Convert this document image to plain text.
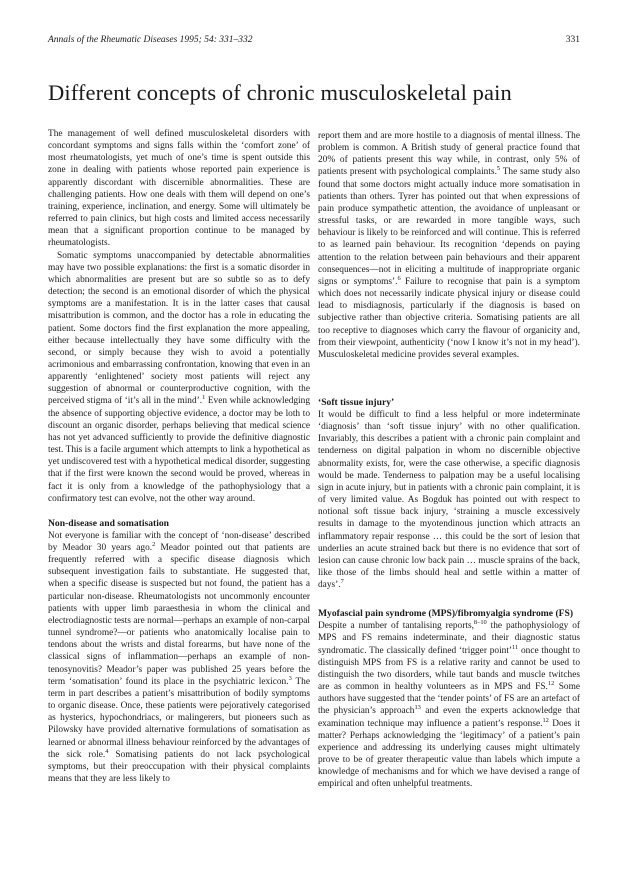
Annals of the Rheumatic Diseases 1995; 54: 331–332	331
Different concepts of chronic musculoskeletal pain

The management of well defined musculoskeletal disorders with concordant symptoms and signs falls within the ‘comfort zone’ of most rheumatologists, yet much of one’s time is spent outside this zone in dealing with patients whose reported pain experience is apparently discordant with discernible abnormalities. These are challenging patients. How one deals with them will depend on one’s training, experience, inclination, and energy. Some will ultimately be referred to pain clinics, but high costs and limited access necessarily mean that a significant proportion continue to be managed by rheumatologists.

Somatic symptoms unaccompanied by detectable abnormalities may have two possible explanations: the first is a somatic disorder in which abnormalities are present but are so subtle so as to defy detection; the second is an emotional disorder of which the physical symptoms are a manifestation. It is in the latter cases that causal misattribution is common, and the doctor has a role in educating the patient. Some doctors find the first explanation the more appealing, either because intellectually they have some difficulty with the second, or simply because they wish to avoid a potentially acrimonious and embarrassing confrontation, knowing that even in an apparently ‘enlightened’ society most patients will reject any suggestion of abnormal or counterproductive cognition, with the perceived stigma of ‘it’s all in the mind’.$^1$ Even while acknowledging the absence of supporting objective evidence, a doctor may be loth to discount an organic disorder, perhaps believing that medical science has not yet advanced sufficiently to provide the definitive diagnostic test. This is a facile argument which attempts to link a hypothetical as yet undiscovered test with a hypothetical medical disorder, suggesting that if the first were known the second would be proved, whereas in fact it is only from a knowledge of the pathophysiology that a confirmatory test can evolve, not the other way around.

Non-disease and somatisation

Not everyone is familiar with the concept of ‘non-disease’ described by Meador 30 years ago.$^2$ Meador pointed out that patients are frequently referred with a specific disease diagnosis which subsequent investigation fails to substantiate. He suggested that, when a specific disease is suspected but not found, the patient has a particular non-disease. Rheumatologists not uncommonly encounter patients with upper limb paraesthesia in whom the clinical and electrodiagnostic tests are normal—perhaps an example of non-carpal tunnel syndrome?—or patients who anatomically localise pain to tendons about the wrists and distal forearms, but have none of the classical signs of inflammation—perhaps an example of non-tenosynovitis? Meador’s paper was published 25 years before the term ‘somatisation’ found its place in the psychiatric lexicon.$^3$ The term in part describes a patient’s misattribution of bodily symptoms to organic disease. Once, these patients were pejoratively categorised as hysterics, hypochondriacs, or malingerers, but pioneers such as Pilowsky have provided alternative formulations of somatisation as learned or abnormal illness behaviour reinforced by the advantages of the sick role.$^4$ Somatising patients do not lack psychological symptoms, but their preoccupation with their physical complaints means that they are less likely to

report them and are more hostile to a diagnosis of mental illness. The problem is common. A British study of general practice found that 20% of patients present this way while, in contrast, only 5% of patients present with psychological complaints.$^5$ The same study also found that some doctors might actually induce more somatisation in patients than others. Tyrer has pointed out that when expressions of pain produce sympathetic attention, the avoidance of unpleasant or stressful tasks, or are rewarded in more tangible ways, such behaviour is likely to be reinforced and will continue. This is referred to as learned pain behaviour. Its recognition ‘depends on paying attention to the relation between pain behaviours and their apparent consequences—not in eliciting a multitude of inappropriate organic signs or symptoms’.$^6$ Failure to recognise that pain is a symptom which does not necessarily indicate physical injury or disease could lead to misdiagnosis, particularly if the diagnosis is based on subjective rather than objective criteria. Somatising patients are all too receptive to diagnoses which carry the flavour of organicity and, from their viewpoint, authenticity (‘now I know it’s not in my head’). Musculoskeletal medicine provides several examples.

‘Soft tissue injury’

It would be difficult to find a less helpful or more indeterminate ‘diagnosis’ than ‘soft tissue injury’ with no other qualification. Invariably, this describes a patient with a chronic pain complaint and tenderness on digital palpation in whom no discernible objective abnormality exists, for, were the case otherwise, a specific diagnosis would be made. Tenderness to palpation may be a useful localising sign in acute injury, but in patients with a chronic pain complaint, it is of very limited value. As Bogduk has pointed out with respect to notional soft tissue back injury, ‘straining a muscle excessively results in damage to the myotendinous junction which attracts an inflammatory repair response … this could be the sort of lesion that underlies an acute strained back but there is no evidence that sort of lesion can cause chronic low back pain … muscle sprains of the back, like those of the limbs should heal and settle within a matter of days’.$^7$

Myofascial pain syndrome (MPS)/fibromyalgia syndrome (FS)

Despite a number of tantalising reports,$^{8-10}$ the pathophysiology of MPS and FS remains indeterminate, and their diagnostic status syndromatic. The classically defined ‘trigger point’$^{11}$ once thought to distinguish MPS from FS is a relative rarity and cannot be used to distinguish the two disorders, while taut bands and muscle twitches are as common in healthy volunteers as in MPS and FS.$^{12}$ Some authors have suggested that the ‘tender points’ of FS are an artefact of the physician’s approach$^{13}$ and even the experts acknowledge that examination technique may influence a patient’s response.$^{12}$ Does it matter? Perhaps acknowledging the ‘legitimacy’ of a patient’s pain experience and addressing its underlying causes might ultimately prove to be of greater therapeutic value than labels which impute a knowledge of mechanisms and for which we have devised a range of empirical and often unhelpful treatments.
